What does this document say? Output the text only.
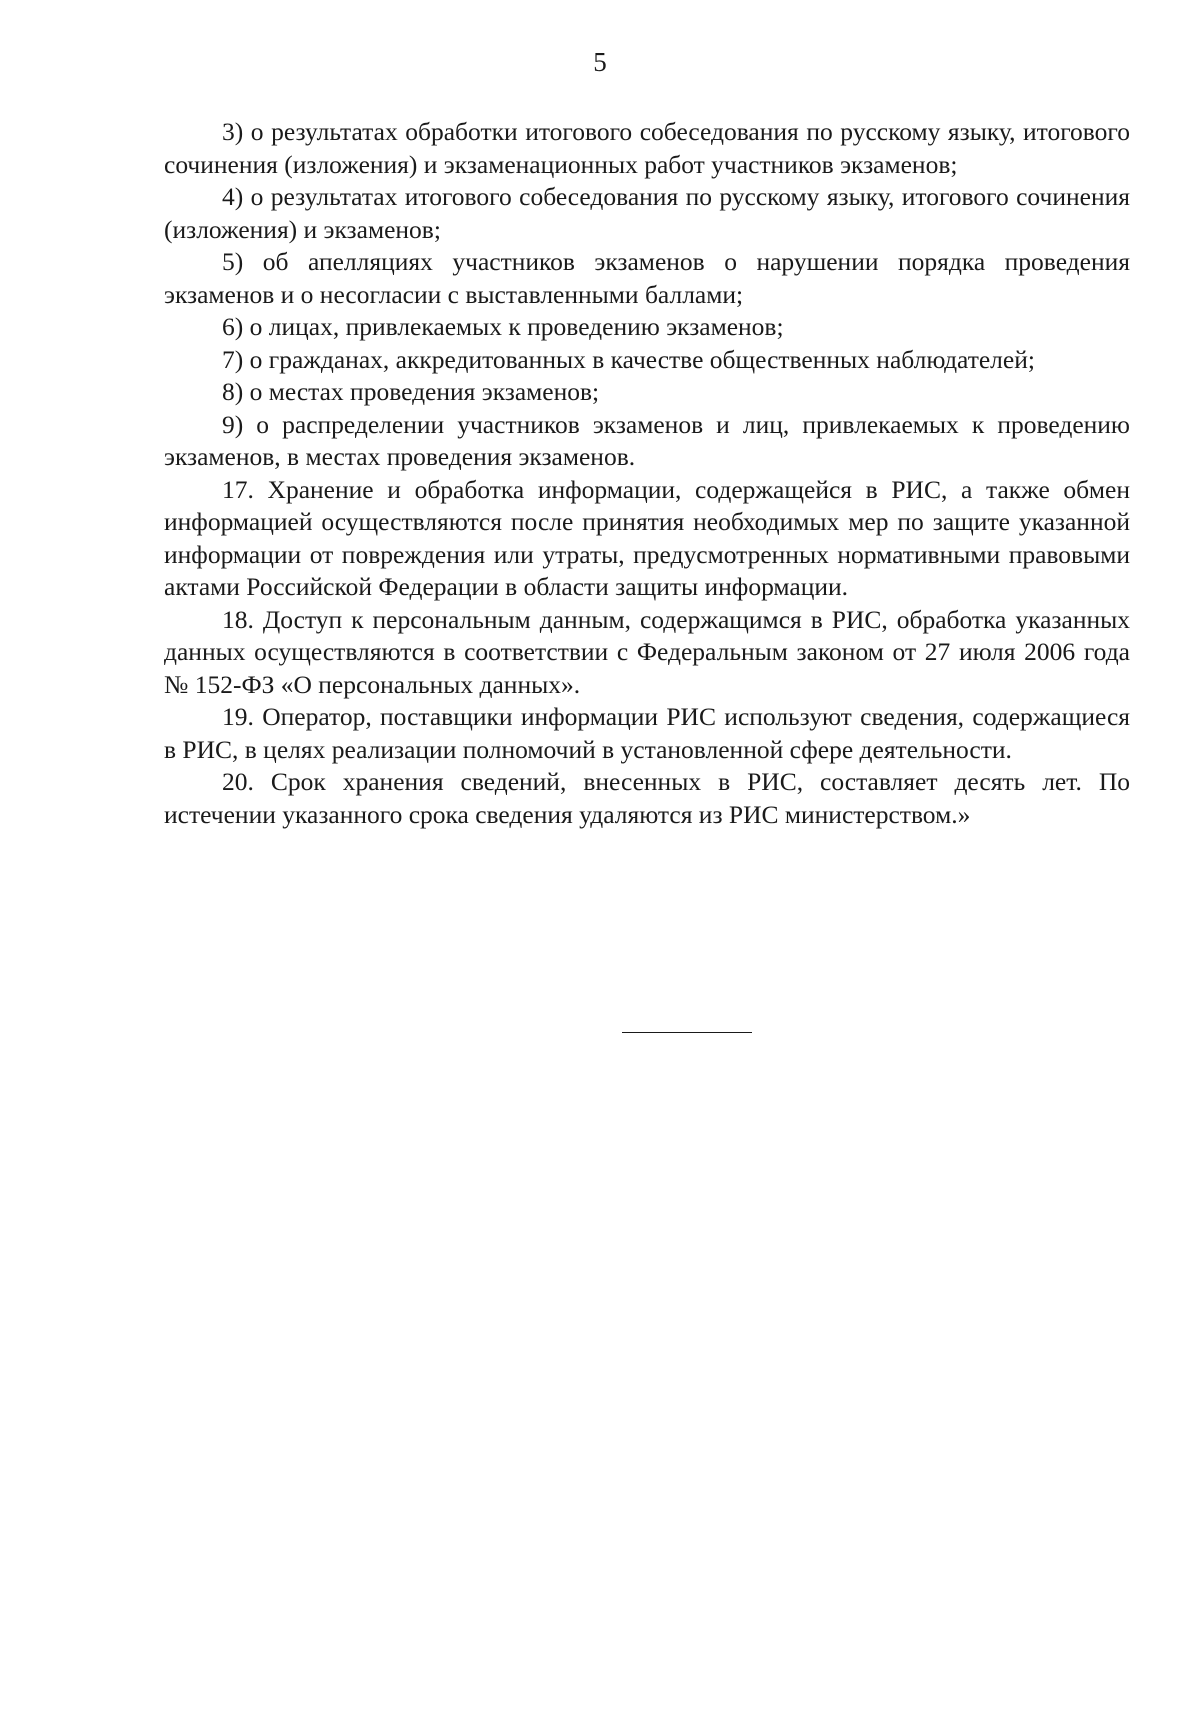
5

3) о результатах обработки итогового собеседования по русскому языку, итогового сочинения (изложения) и экзаменационных работ участников экзаменов;

4) о результатах итогового собеседования по русскому языку, итогового сочинения (изложения) и экзаменов;

5) об апелляциях участников экзаменов о нарушении порядка проведения экзаменов и о несогласии с выставленными баллами;

6) о лицах, привлекаемых к проведению экзаменов;

7) о гражданах, аккредитованных в качестве общественных наблюдателей;

8) о местах проведения экзаменов;

9) о распределении участников экзаменов и лиц, привлекаемых к проведению экзаменов, в местах проведения экзаменов.

17. Хранение и обработка информации, содержащейся в РИС, а также обмен информацией осуществляются после принятия необходимых мер по защите указанной информации от повреждения или утраты, предусмотренных нормативными правовыми актами Российской Федерации в области защиты информации.

18. Доступ к персональным данным, содержащимся в РИС, обработка указанных данных осуществляются в соответствии с Федеральным законом от 27 июля 2006 года № 152-ФЗ «О персональных данных».

19. Оператор, поставщики информации РИС используют сведения, содержащиеся в РИС, в целях реализации полномочий в установленной сфере деятельности.

20. Срок хранения сведений, внесенных в РИС, составляет десять лет. По истечении указанного срока сведения удаляются из РИС министерством.»
